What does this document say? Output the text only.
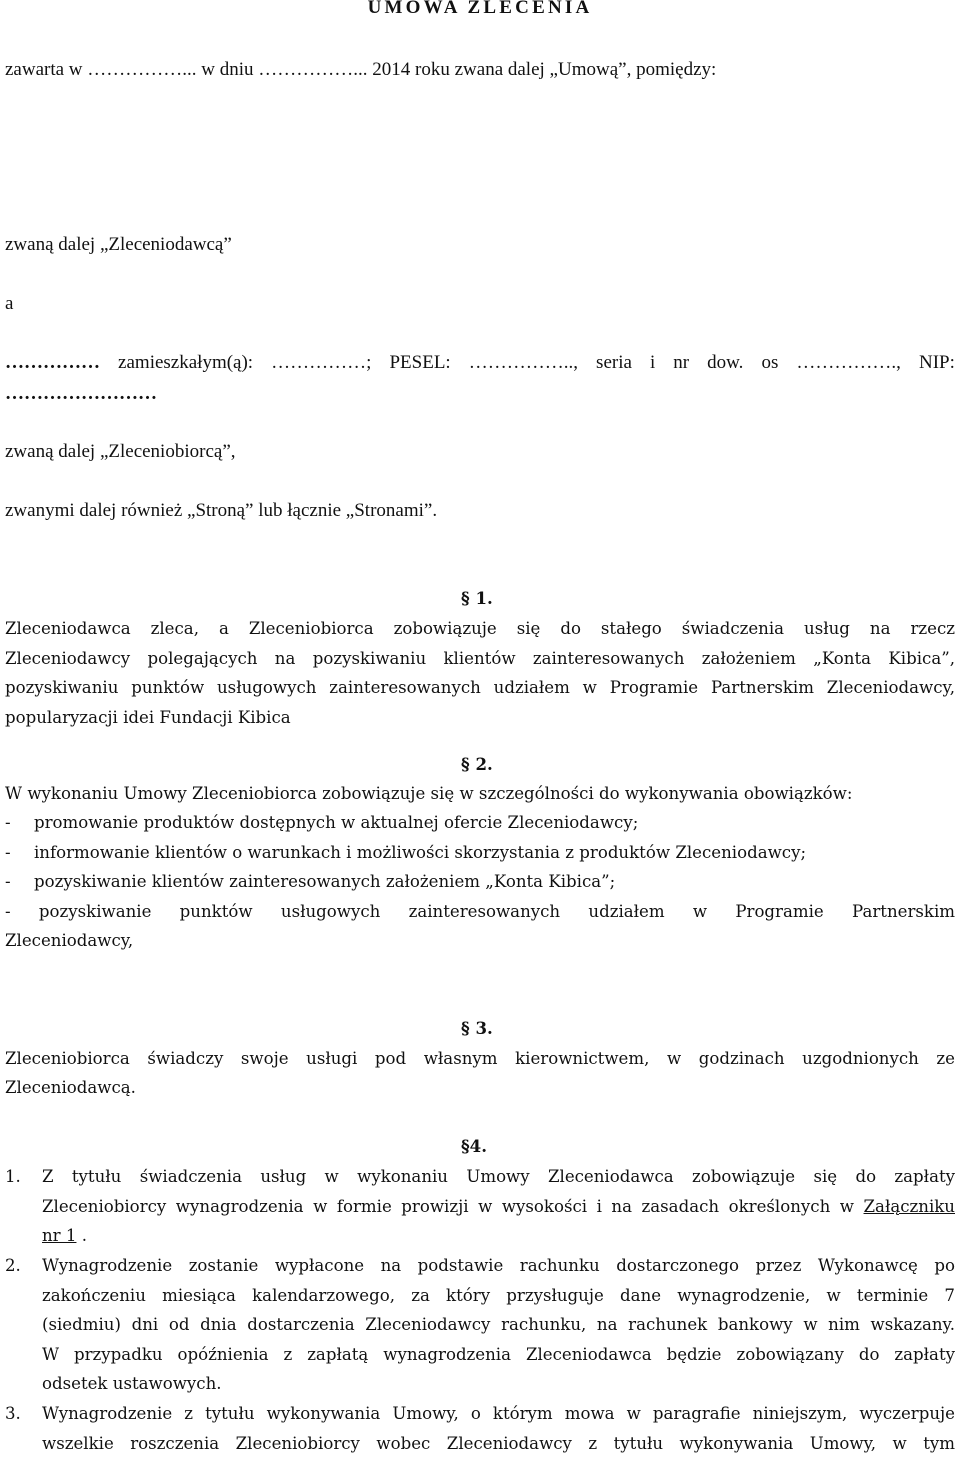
UMOWA ZLECENIA
zawarta w ……………... w dniu ……………... 2014 roku zwana dalej „Umową”, pomiędzy:
zwaną dalej „Zleceniodawcą”
a
…………… zamieszkałym(ą): ……………; PESEL: …………….., seria i nr dow. os ……………., NIP:
……………………
zwaną dalej „Zleceniobiorcą”,
zwanymi dalej również „Stroną” lub łącznie „Stronami”.
§ 1.
Zleceniodawca zleca, a Zleceniobiorca zobowiązuje się do stałego świadczenia usług na rzecz
Zleceniodawcy polegających na pozyskiwaniu klientów zainteresowanych założeniem „Konta Kibica”,
pozyskiwaniu punktów usługowych zainteresowanych udziałem w Programie Partnerskim Zleceniodawcy,
popularyzacji idei Fundacji Kibica
§ 2.
W wykonaniu Umowy Zleceniobiorca zobowiązuje się w szczególności do wykonywania obowiązków:
- promowanie produktów dostępnych w aktualnej ofercie Zleceniodawcy;
- informowanie klientów o warunkach i możliwości skorzystania z produktów Zleceniodawcy;
- pozyskiwanie klientów zainteresowanych założeniem „Konta Kibica”;
- pozyskiwanie punktów usługowych zainteresowanych udziałem w Programie Partnerskim
Zleceniodawcy,
§ 3.
Zleceniobiorca świadczy swoje usługi pod własnym kierownictwem, w godzinach uzgodnionych ze
Zleceniodawcą.
§4.
1. Z tytułu świadczenia usług w wykonaniu Umowy Zleceniodawca zobowiązuje się do zapłaty
Zleceniobiorcy wynagrodzenia w formie prowizji w wysokości i na zasadach określonych w Załączniku
nr 1 .
2. Wynagrodzenie zostanie wypłacone na podstawie rachunku dostarczonego przez Wykonawcę po
zakończeniu miesiąca kalendarzowego, za który przysługuje dane wynagrodzenie, w terminie 7
(siedmiu) dni od dnia dostarczenia Zleceniodawcy rachunku, na rachunek bankowy w nim wskazany.
W przypadku opóźnienia z zapłatą wynagrodzenia Zleceniodawca będzie zobowiązany do zapłaty
odsetek ustawowych.
3. Wynagrodzenie z tytułu wykonywania Umowy, o którym mowa w paragrafie niniejszym, wyczerpuje
wszelkie roszczenia Zleceniobiorcy wobec Zleceniodawcy z tytułu wykonywania Umowy, w tym
